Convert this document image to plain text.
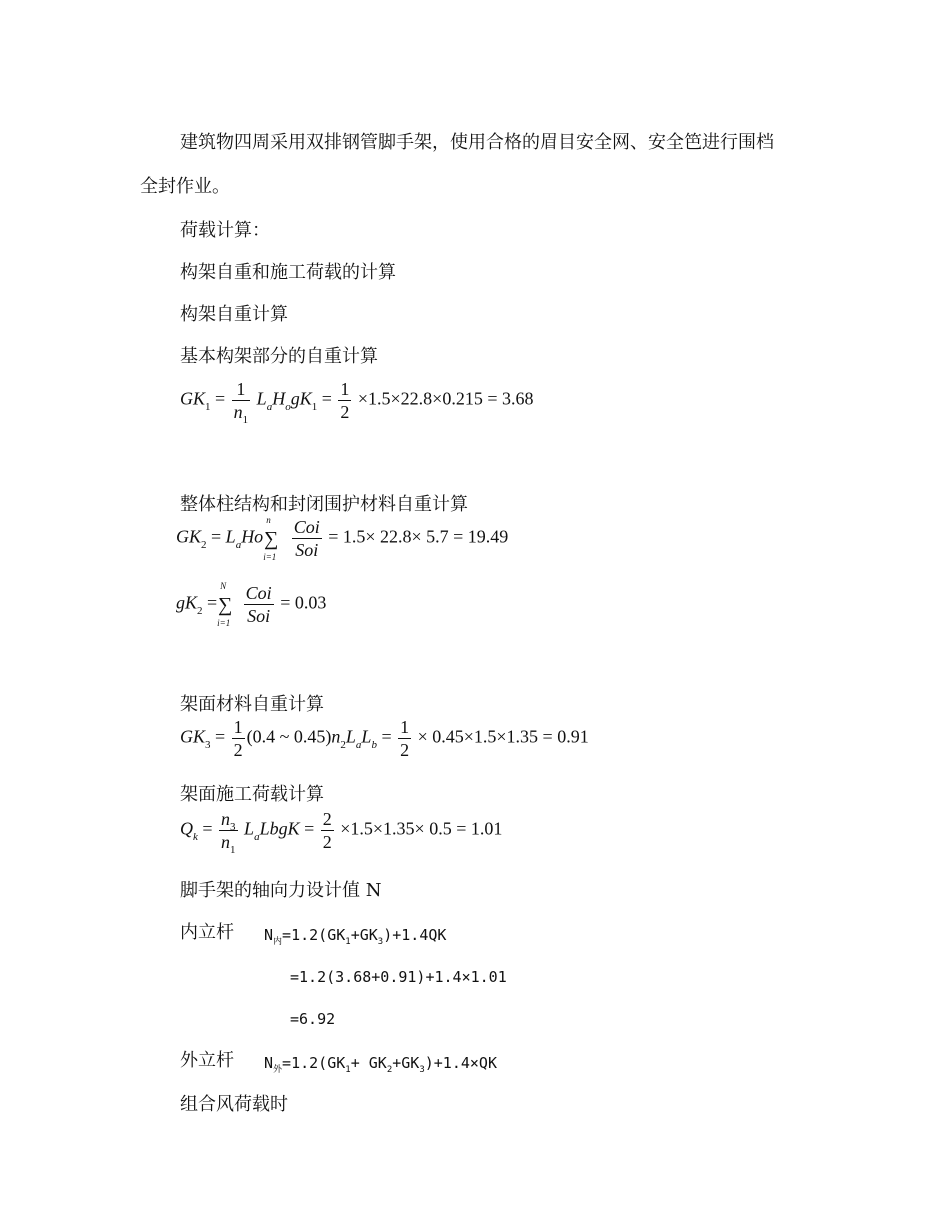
建筑物四周采用双排钢管脚手架，使用合格的眉目安全网、安全笆进行围档
全封作业。
荷载计算：
构架自重和施工荷载的计算
构架自重计算
基本构架部分的自重计算
$GK_1 = \frac{1}{n_1} L_aH_ogK_1 = \frac{1}{2} \times 1.5\times 22.8\times 0.215 = 3.68$
整体柱结构和封闭围护材料自重计算
$GK_2 = L_aHo\sum$
n
i=1
$\frac{\text{Coi}}{\text{Soi}} = 1.5\times 22.8\times 5.7 = 19.49$
$gK_2$ =∑
N
i=1
$\frac{\text{Coi}}{\text{Soi}} = 0.03$
架面材料自重计算
$GK_3 = \frac{1}{2} (0.4$ ~ $0.45)n_2L_aL_b = \frac{1}{2} \times 0.45\times 1.5\times 1.35 = 0.91$
架面施工荷载计算
$Q_k = \frac{n_3}{n_1}$ $L_aLbgK = \frac{2}{2} \times 1.5\times 1.35\times 0.5 = 1.01$
脚手架的轴向力设计值 N
内立杆 $N_内=1.2(GK_1+GK_3)+1.4QK$
=1.2(3.68+0.91)+1.4×1.01
=6.92
外立杆 $N_外=1.2(GK_1+ GK_2+GK_3)+1.4\times QK$
组合风荷载时
